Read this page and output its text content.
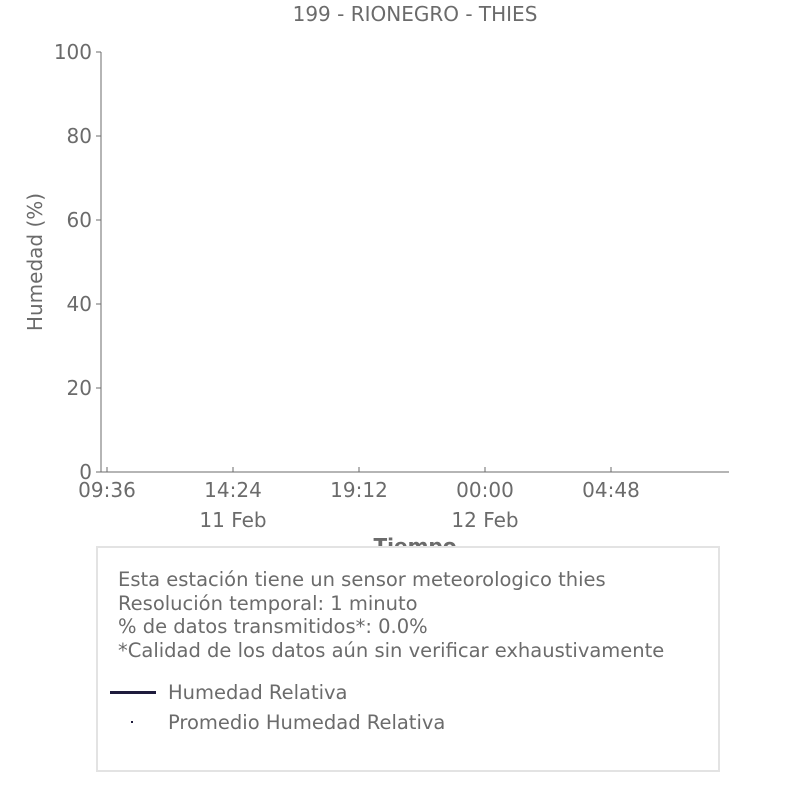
199 - RIONEGRO - THIES
0
20
40
60
80
100
09:36	14:24	19:12	00:00	04:48
11 Feb	12 Feb
Humedad (%)
Esta estación tiene un sensor meteorologico thies
Resolución temporal: 1 minuto
% de datos transmitidos*: 0.0%
*Calidad de los datos aún sin verificar exhaustivamente
Humedad Relativa
Promedio Humedad Relativa
